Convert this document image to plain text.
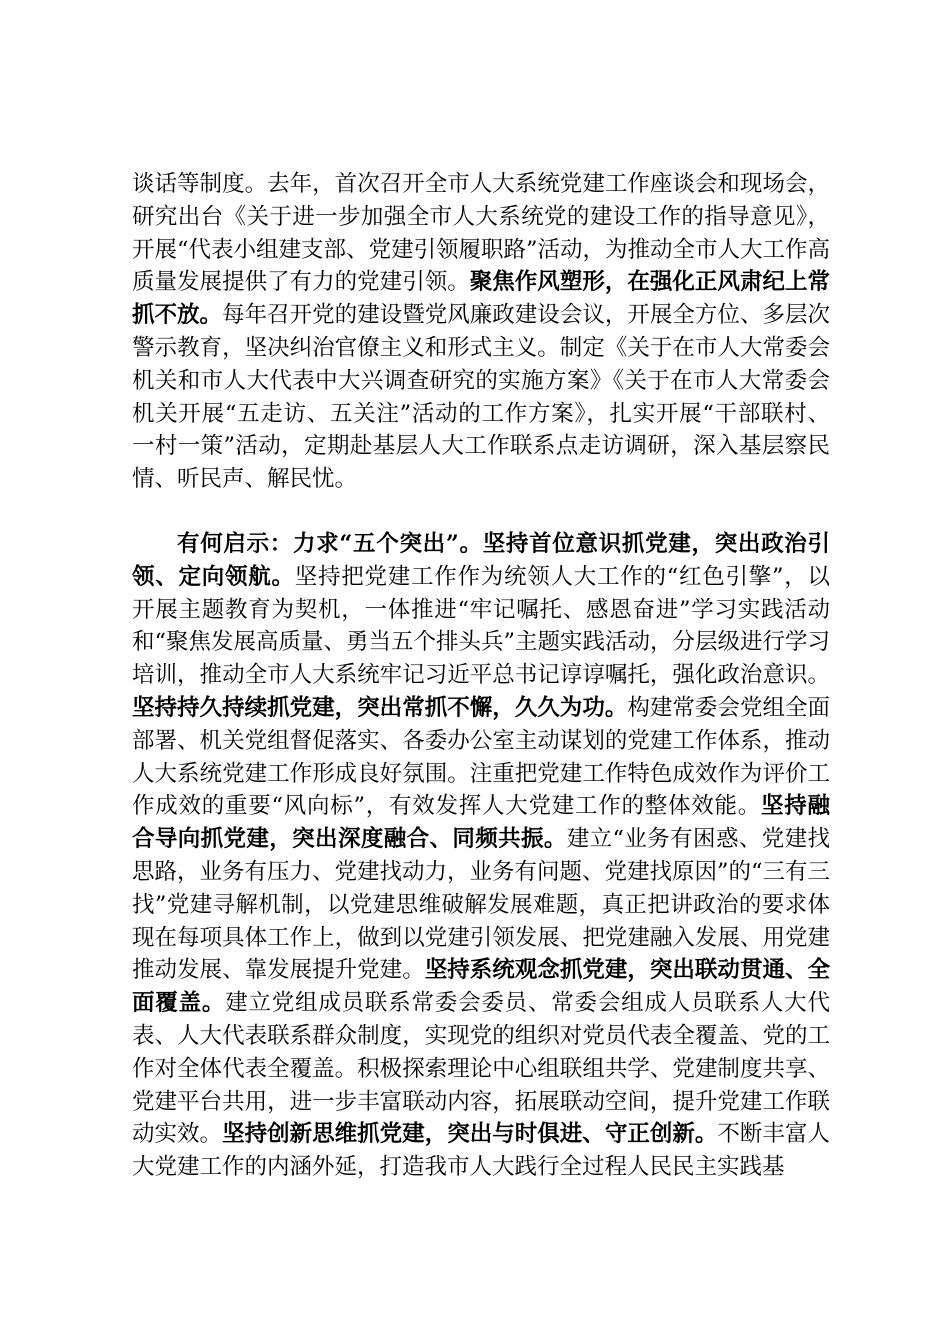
谈话等制度。去年，首次召开全市人大系统党建工作座谈会和现场会，研究出台《关于进一步加强全市人大系统党的建设工作的指导意见》，开展“代表小组建支部、党建引领履职路”活动，为推动全市人大工作高质量发展提供了有力的党建引领。聚焦作风塑形，在强化正风肃纪上常抓不放。每年召开党的建设暨党风廉政建设会议，开展全方位、多层次警示教育，坚决纠治官僚主义和形式主义。制定《关于在市人大常委会机关和市人大代表中大兴调查研究的实施方案》《关于在市人大常委会机关开展“五走访、五关注”活动的工作方案》，扎实开展“干部联村、一村一策”活动，定期赴基层人大工作联系点走访调研，深入基层察民情、听民声、解民忧。

有何启示：力求“五个突出”。坚持首位意识抓党建，突出政治引领、定向领航。坚持把党建工作作为统领人大工作的“红色引擎”，以开展主题教育为契机，一体推进“牢记嘱托、感恩奋进”学习实践活动和“聚焦发展高质量、勇当五个排头兵”主题实践活动，分层级进行学习培训，推动全市人大系统牢记习近平总书记谆谆嘱托，强化政治意识。坚持持久持续抓党建，突出常抓不懈，久久为功。构建常委会党组全面部署、机关党组督促落实、各委办公室主动谋划的党建工作体系，推动人大系统党建工作形成良好氛围。注重把党建工作特色成效作为评价工作成效的重要“风向标”，有效发挥人大党建工作的整体效能。坚持融合导向抓党建，突出深度融合、同频共振。建立“业务有困惑、党建找思路，业务有压力、党建找动力，业务有问题、党建找原因”的“三有三找”党建寻解机制，以党建思维破解发展难题，真正把讲政治的要求体现在每项具体工作上，做到以党建引领发展、把党建融入发展、用党建推动发展、靠发展提升党建。坚持系统观念抓党建，突出联动贯通、全面覆盖。建立党组成员联系常委会委员、常委会组成人员联系人大代表、人大代表联系群众制度，实现党的组织对党员代表全覆盖、党的工作对全体代表全覆盖。积极探索理论中心组联组共学、党建制度共享、党建平台共用，进一步丰富联动内容，拓展联动空间，提升党建工作联动实效。坚持创新思维抓党建，突出与时俱进、守正创新。不断丰富人大党建工作的内涵外延，打造我市人大践行全过程人民民主实践基
